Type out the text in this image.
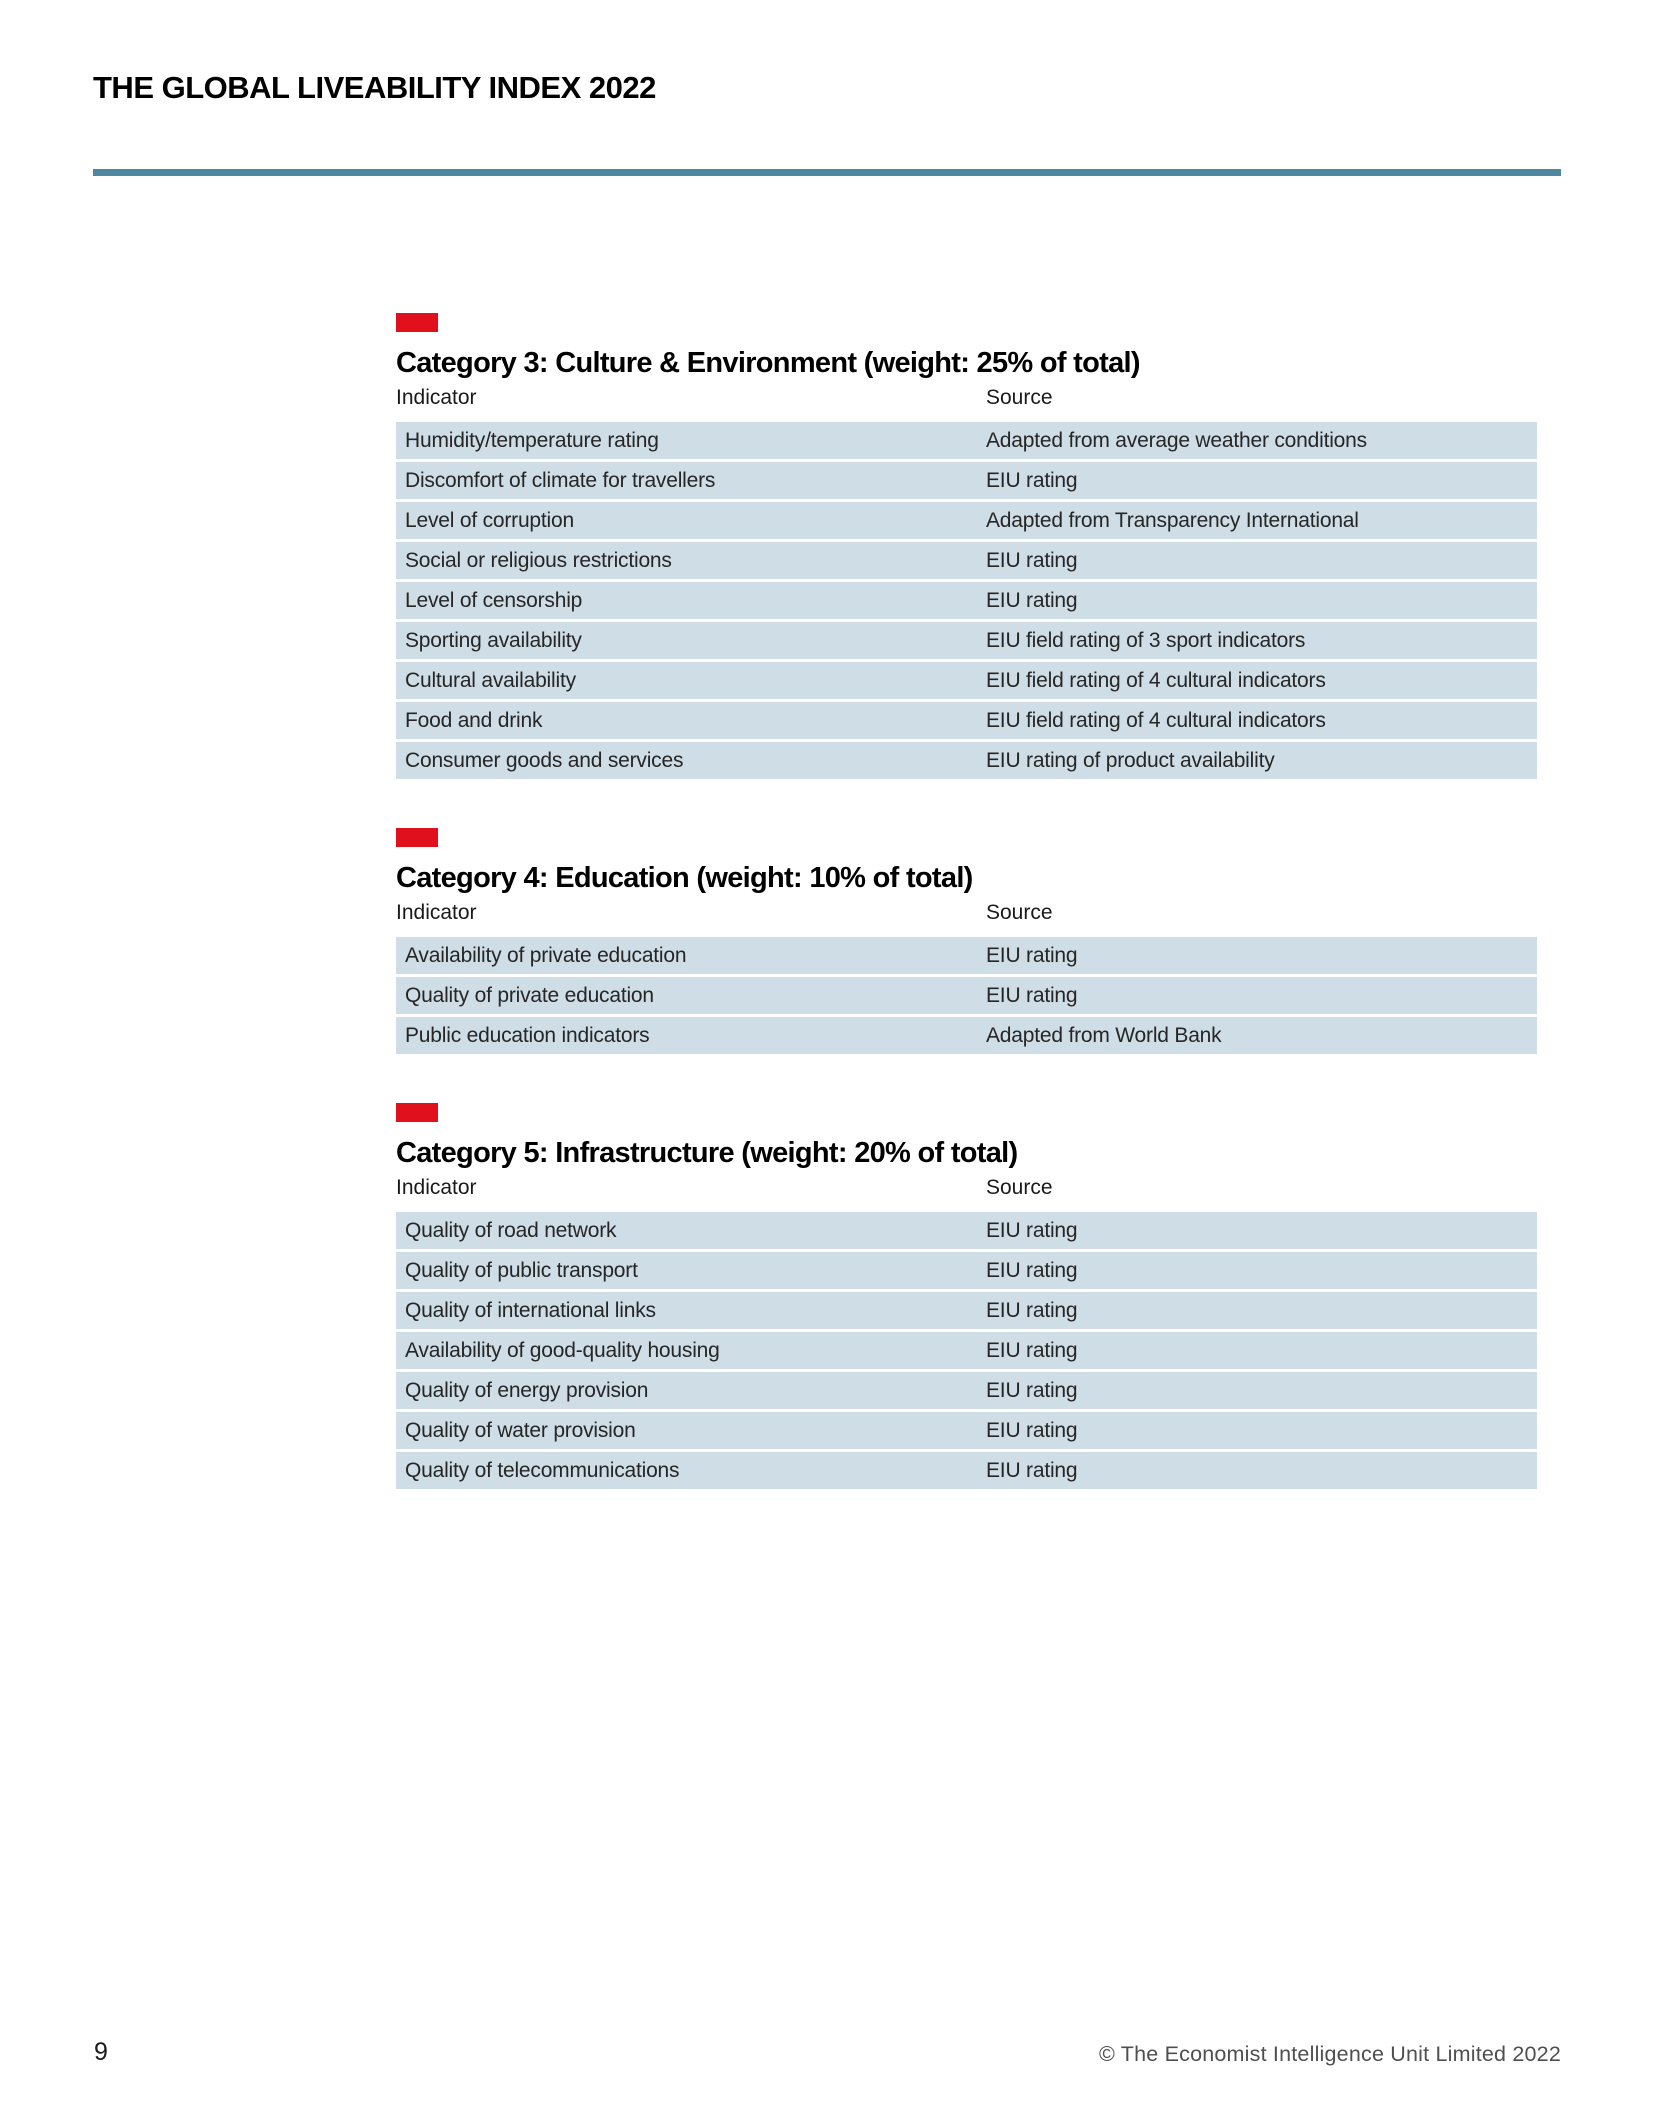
THE GLOBAL LIVEABILITY INDEX 2022
Category 3: Culture & Environment (weight: 25% of total)
Indicator	Source
Humidity/temperature rating	Adapted from average weather conditions
Discomfort of climate for travellers	EIU rating
Level of corruption	Adapted from Transparency International
Social or religious restrictions	EIU rating
Level of censorship	EIU rating
Sporting availability	EIU field rating of 3 sport indicators
Cultural availability	EIU field rating of 4 cultural indicators
Food and drink	EIU field rating of 4 cultural indicators
Consumer goods and services	EIU rating of product availability
Category 4: Education (weight: 10% of total)
Indicator	Source
Availability of private education	EIU rating
Quality of private education	EIU rating
Public education indicators	Adapted from World Bank
Category 5: Infrastructure (weight: 20% of total)
Indicator	Source
Quality of road network	EIU rating
Quality of public transport	EIU rating
Quality of international links	EIU rating
Availability of good-quality housing	EIU rating
Quality of energy provision	EIU rating
Quality of water provision	EIU rating
Quality of telecommunications	EIU rating
9	© The Economist Intelligence Unit Limited 2022
